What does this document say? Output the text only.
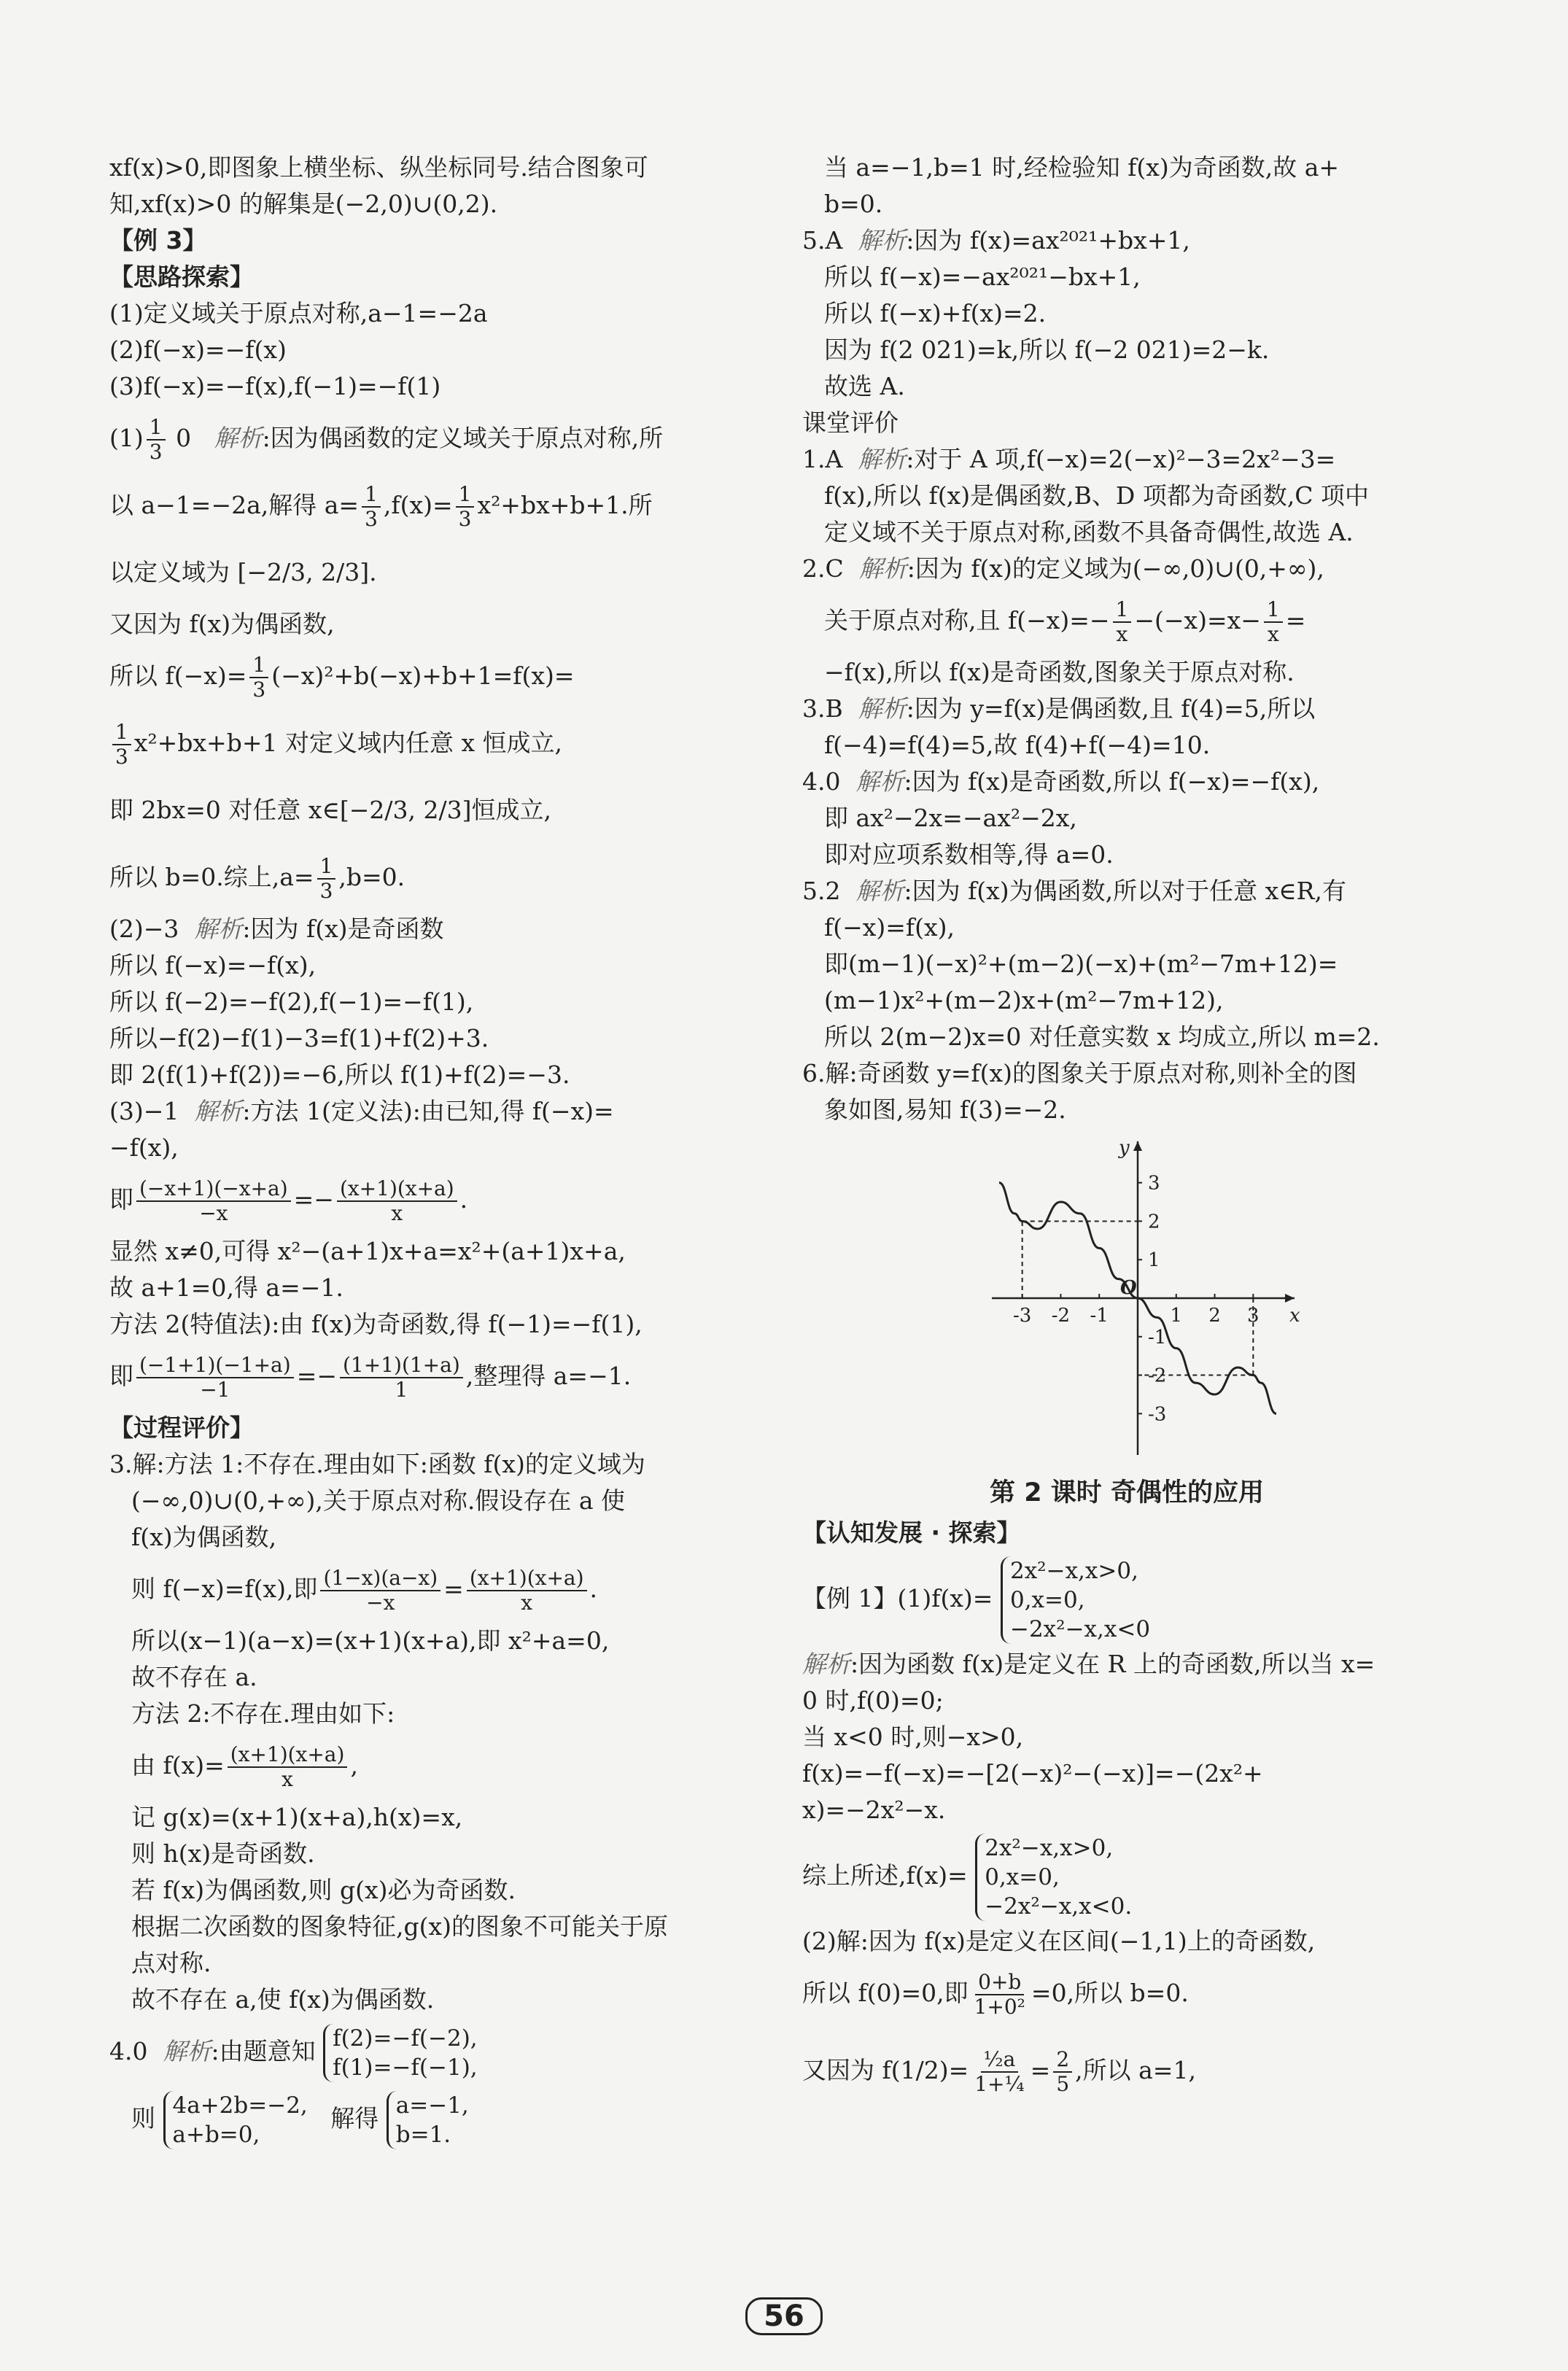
xf(x)>0,即图象上横坐标、纵坐标同号.结合图象可
知,xf(x)>0 的解集是(−2,0)∪(0,2).
【例 3】
【思路探索】
(1)定义域关于原点对称,a−1=−2a
(2)f(−x)=−f(x)
(3)f(−x)=−f(x),f(−1)=−f(1)
$(1) \frac{1}{3} 0$ 解析:因为偶函数的定义域关于原点对称,所
以 a−1=−2a,解得 $a= \frac{1}{3} ,f(x)= \frac{1}{3} x^2+bx+b+1$.所
以定义域为 [−2/3, 2/3].
又因为 f(x)为偶函数,
所以 $f(-x)= \frac{1}{3} (-x)^2+b(-x)+b+1=f(x)=$
$\frac{1}{3} x^2+bx+b+1$ 对定义域内任意 x 恒成立,
即 2bx=0 对任意 x∈[−2/3, 2/3]恒成立,
所以 b=0.综上$,a= \frac{1}{3} ,b=0$.
(2)−3 解析:因为 f(x)是奇函数
所以 f(−x)=−f(x),
所以 f(−2)=−f(2),f(−1)=−f(1),
所以−f(2)−f(1)−3=f(1)+f(2)+3.
即 2(f(1)+f(2))=−6,所以 f(1)+f(2)=−3.
(3)−1 解析:方法 1(定义法):由已知,得 f(−x)=
−f(x),
即 $\frac{(-x+1)(-x+a)}{-x} =- \frac{(x+1)(x+a)}{x}$ .
显然 x≠0,可得 x²−(a+1)x+a=x²+(a+1)x+a,
故 a+1=0,得 a=−1.
方法 2(特值法):由 f(x)为奇函数,得 f(−1)=−f(1),
即 $\frac{(-1+1)(-1+a)}{-1} =- \frac{(1+1)(1+a)}{1}$ ,整理得 a=−1.
【过程评价】
3.解:方法 1:不存在.理由如下:函数 f(x)的定义域为
(−∞,0)∪(0,+∞),关于原点对称.假设存在 a 使
f(x)为偶函数,
则 f(−x)=f(x),即 $\frac{(1-x)(a-x)}{-x} = \frac{(x+1)(x+a)}{x}$ .
所以(x−1)(a−x)=(x+1)(x+a),即 x²+a=0,
故不存在 a.
方法 2:不存在.理由如下:
由 $f(x)= \frac{(x+1)(x+a)}{x}$ ,
记 g(x)=(x+1)(x+a),h(x)=x,
则 h(x)是奇函数.
若 f(x)为偶函数,则 g(x)必为奇函数.
根据二次函数的图象特征,g(x)的图象不可能关于原
点对称.
故不存在 a,使 f(x)为偶函数.
4.0 解析:由题意知 f(2)=−f(−2),
f(1)=−f(−1),
则 4a+2b=−2,
a+b=0,   解得 a=−1,
b=1.
当 a=−1,b=1 时,经检验知 f(x)为奇函数,故 a+
b=0.
5.A 解析:因为 f(x)=ax²⁰²¹+bx+1,
所以 f(−x)=−ax²⁰²¹−bx+1,
所以 f(−x)+f(x)=2.
因为 f(2 021)=k,所以 f(−2 021)=2−k.
故选 A.
课堂评价
1.A 解析:对于 A 项,f(−x)=2(−x)²−3=2x²−3=
f(x),所以 f(x)是偶函数,B、D 项都为奇函数,C 项中
定义域不关于原点对称,函数不具备奇偶性,故选 A.
2.C 解析:因为 f(x)的定义域为(−∞,0)∪(0,+∞),
关于原点对称,且 $f(-x)=- \frac{1}{x} -(-x)=x- \frac{1}{x}$ =
−f(x),所以 f(x)是奇函数,图象关于原点对称.
3.B 解析:因为 y=f(x)是偶函数,且 f(4)=5,所以
f(−4)=f(4)=5,故 f(4)+f(−4)=10.
4.0 解析:因为 f(x)是奇函数,所以 f(−x)=−f(x),
即 ax²−2x=−ax²−2x,
即对应项系数相等,得 a=0.
5.2 解析:因为 f(x)为偶函数,所以对于任意 x∈R,有
f(−x)=f(x),
即(m−1)(−x)²+(m−2)(−x)+(m²−7m+12)=
(m−1)x²+(m−2)x+(m²−7m+12),
所以 2(m−2)x=0 对任意实数 x 均成立,所以 m=2.
6.解:奇函数 y=f(x)的图象关于原点对称,则补全的图
象如图,易知 f(3)=−2.
第 2 课时 奇偶性的应用
【认知发展 · 探索】
【例 1】(1)f(x)= 2x²−x,x>0,
0,x=0,
−2x²−x,x<0
解析:因为函数 f(x)是定义在 R 上的奇函数,所以当 x=
0 时,f(0)=0;
当 x<0 时,则−x>0,
f(x)=−f(−x)=−[2(−x)²−(−x)]=−(2x²+
x)=−2x²−x.
综上所述,f(x)= 2x²−x,x>0,
0,x=0,
−2x²−x,x<0.
(2)解:因为 f(x)是定义在区间(−1,1)上的奇函数,
所以 f(0)=0,即 $\frac{0+b}{\text{1+0²}} =0$,所以 b=0.
又因为 $f(1/2)= \frac{\text{½a}}{\text{1+¼}} = \frac{2}{5}$ ,所以 a=1,
x
y
O
-3 -2 -1	1 2 3
3
2
1
-1
-2
-3
56
